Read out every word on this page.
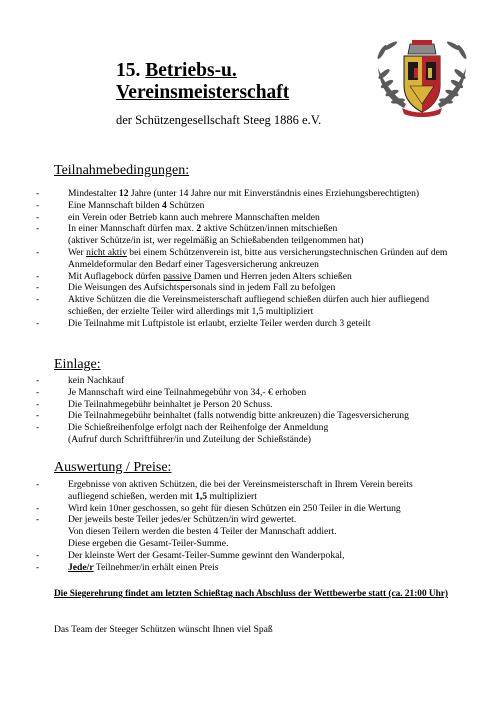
15. Betriebs-u.
Vereinsmeisterschaft
der Schützengesellschaft Steeg 1886 e.V.
Teilnahmebedingungen:
- Mindestalter 12 Jahre (unter 14 Jahre nur mit Einverständnis eines Erziehungsberechtigten)
- Eine Mannschaft bilden 4 Schützen
- ein Verein oder Betrieb kann auch mehrere Mannschaften melden
- In einer Mannschaft dürfen max. 2 aktive Schützen/innen mitschießen
(aktiver Schütze/in ist, wer regelmäßig an Schießabenden teilgenommen hat)
- Wer nicht aktiv bei einem Schützenverein ist, bitte aus versicherungstechnischen Gründen auf dem
Anmeldeformular den Bedarf einer Tagesversicherung ankreuzen
- Mit Auflagebock dürfen passive Damen und Herren jeden Alters schießen
- Die Weisungen des Aufsichtspersonals sind in jedem Fall zu befolgen
- Aktive Schützen die die Vereinsmeisterschaft aufliegend schießen dürfen auch hier aufliegend
schießen, der erzielte Teiler wird allerdings mit 1,5 multipliziert
- Die Teilnahme mit Luftpistole ist erlaubt, erzielte Teiler werden durch 3 geteilt
Einlage:
- kein Nachkauf
- Je Mannschaft wird eine Teilnahmegebühr von 34,- € erhoben
- Die Teilnahmegebühr beinhaltet je Person 20 Schuss.
- Die Teilnahmegebühr beinhaltet (falls notwendig bitte ankreuzen) die Tagesversicherung
- Die Schießreihenfolge erfolgt nach der Reihenfolge der Anmeldung
(Aufruf durch Schriftführer/in und Zuteilung der Schießstände)
Auswertung / Preise:
- Ergebnisse von aktiven Schützen, die bei der Vereinsmeisterschaft in Ihrem Verein bereits
aufliegend schießen, werden mit 1,5 multipliziert
- Wird kein 10ner geschossen, so geht für diesen Schützen ein 250 Teiler in die Wertung
- Der jeweils beste Teiler jedes/er Schützen/in wird gewertet.
Von diesen Teilern werden die besten 4 Teiler der Mannschaft addiert.
Diese ergeben die Gesamt-Teiler-Summe.
- Der kleinste Wert der Gesamt-Teiler-Summe gewinnt den Wanderpokal,
- Jede/r Teilnehmer/in erhält einen Preis
Die Siegerehrung findet am letzten Schießtag nach Abschluss der Wettbewerbe statt (ca. 21:00 Uhr)
Das Team der Steeger Schützen wünscht Ihnen viel Spaß
